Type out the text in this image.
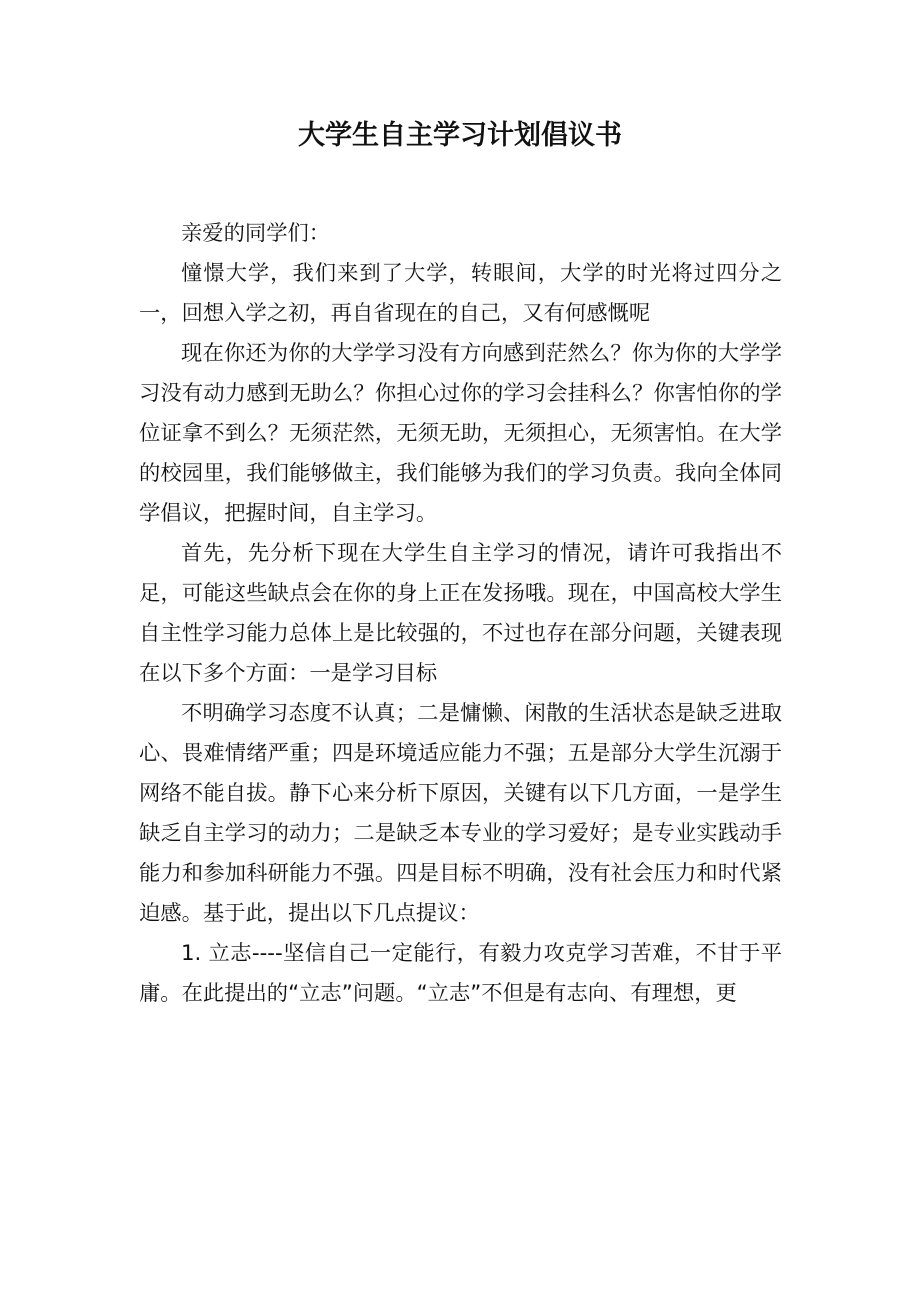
大学生自主学习计划倡议书

亲爱的同学们：

憧憬大学，我们来到了大学，转眼间，大学的时光将过四分之一，回想入学之初，再自省现在的自己，又有何感慨呢

现在你还为你的大学学习没有方向感到茫然么？你为你的大学学习没有动力感到无助么？你担心过你的学习会挂科么？你害怕你的学位证拿不到么？无须茫然，无须无助，无须担心，无须害怕。在大学的校园里，我们能够做主，我们能够为我们的学习负责。我向全体同学倡议，把握时间，自主学习。

首先，先分析下现在大学生自主学习的情况，请许可我指出不足，可能这些缺点会在你的身上正在发扬哦。现在，中国高校大学生自主性学习能力总体上是比较强的，不过也存在部分问题，关键表现在以下多个方面：一是学习目标

不明确学习态度不认真；二是慵懒、闲散的生活状态是缺乏进取心、畏难情绪严重；四是环境适应能力不强；五是部分大学生沉溺于网络不能自拔。静下心来分析下原因，关键有以下几方面，一是学生缺乏自主学习的动力；二是缺乏本专业的学习爱好；是专业实践动手能力和参加科研能力不强。四是目标不明确，没有社会压力和时代紧迫感。基于此，提出以下几点提议：

1. 立志----坚信自己一定能行，有毅力攻克学习苦难，不甘于平庸。在此提出的“立志”问题。“立志”不但是有志向、有理想，更
